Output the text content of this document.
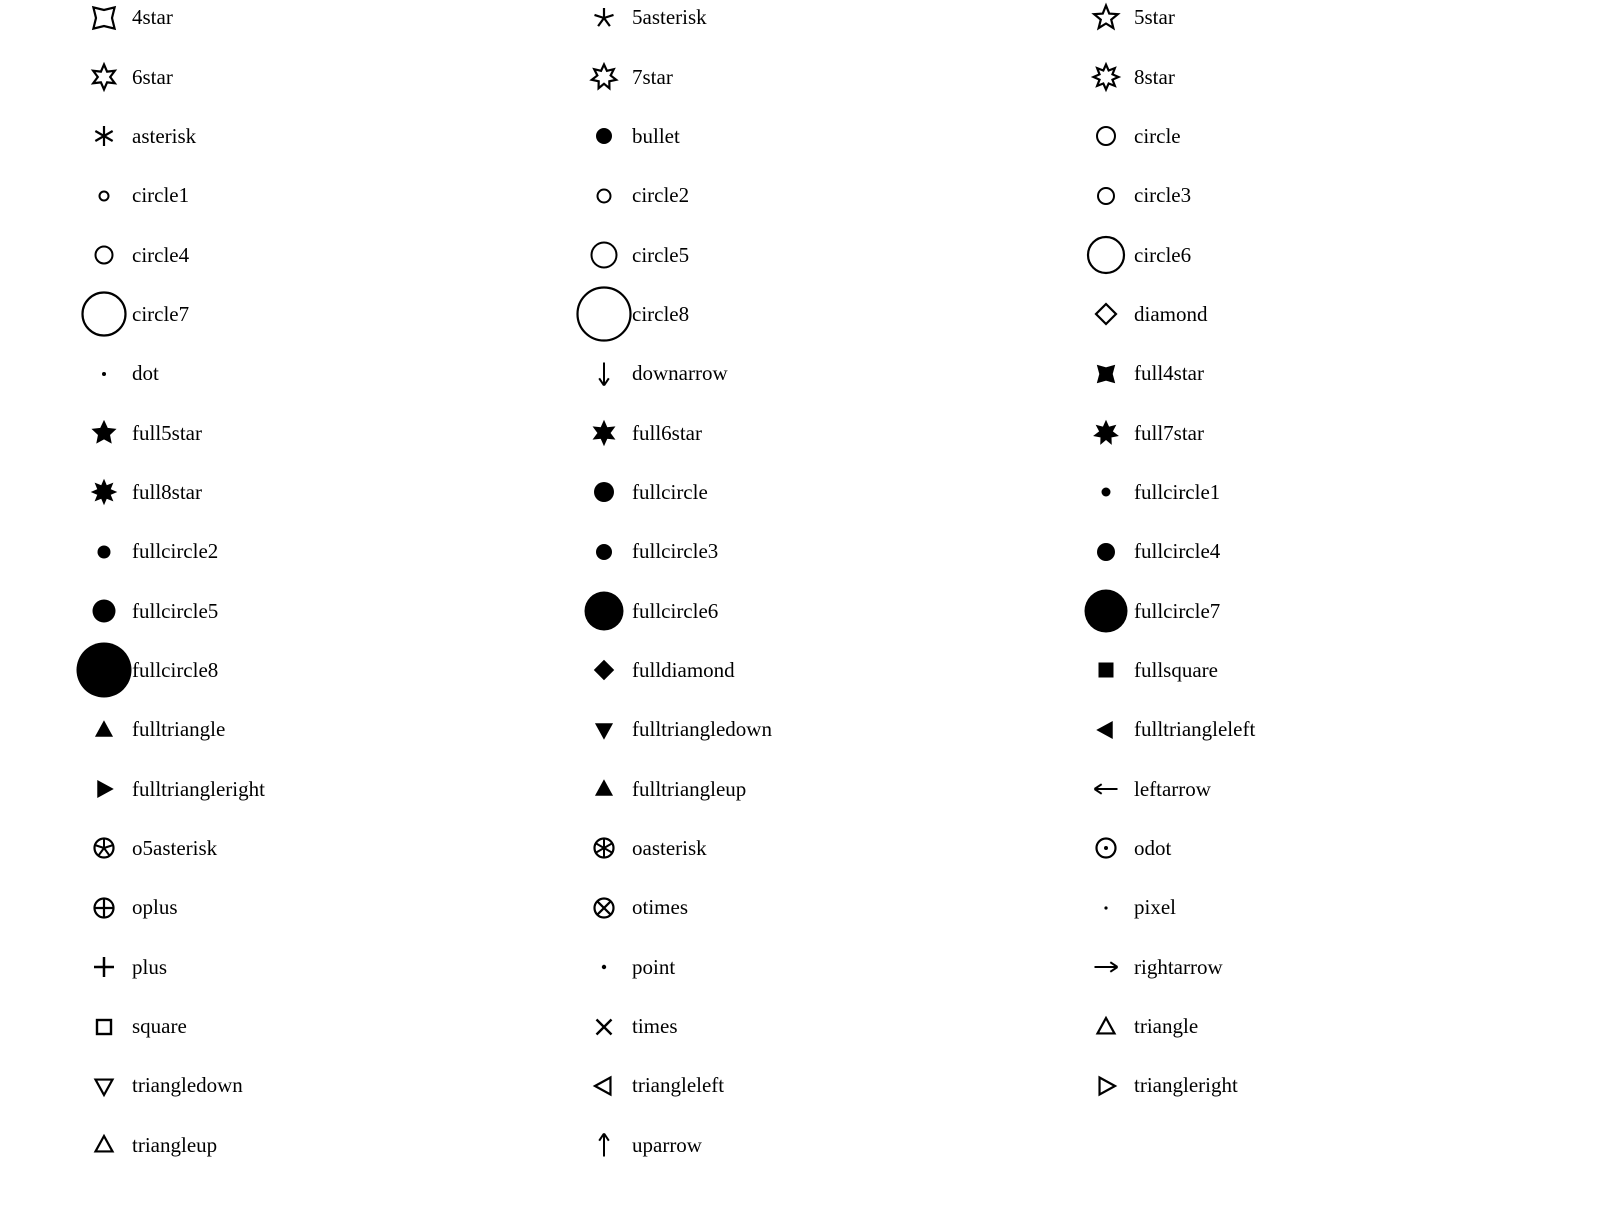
4star
6star
asterisk
circle1
circle4
circle7
dot
full5star
full8star
fullcircle2
fullcircle5
fullcircle8
fulltriangle
fulltriangleright
o5asterisk
oplus
plus
square
triangledown
triangleup
5asterisk
7star
bullet
circle2
circle5
circle8
downarrow
full6star
fullcircle
fullcircle3
fullcircle6
fulldiamond
fulltriangledown
fulltriangleup
oasterisk
otimes
point
times
triangleleft
uparrow
5star
8star
circle
circle3
circle6
diamond
full4star
full7star
fullcircle1
fullcircle4
fullcircle7
fullsquare
fulltriangleleft
leftarrow
odot
pixel
rightarrow
triangle
triangleright
